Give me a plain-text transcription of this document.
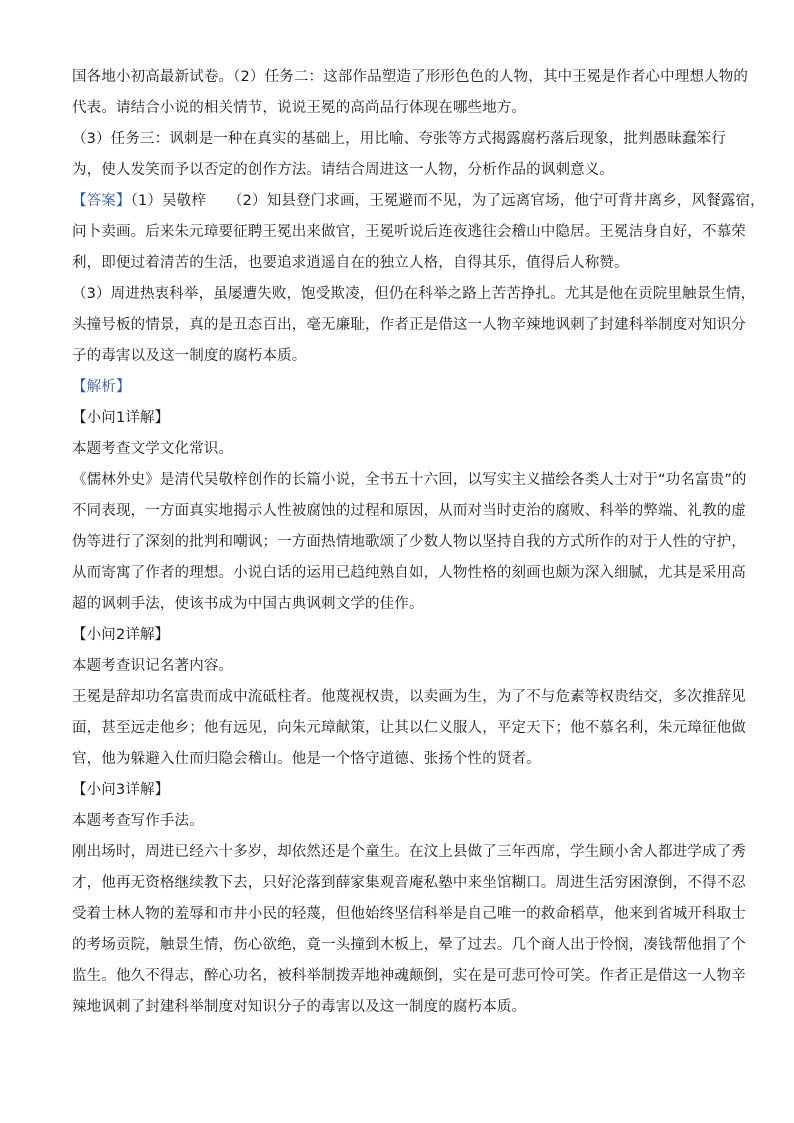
国各地小初高最新试卷。（2）任务二：这部作品塑造了形形色色的人物，其中王冕是作者心中理想人物的
代表。请结合小说的相关情节，说说王冕的高尚品行体现在哪些地方。
（3）任务三：讽刺是一种在真实的基础上，用比喻、夸张等方式揭露腐朽落后现象，批判愚昧蠢笨行
为，使人发笑而予以否定的创作方法。请结合周进这一人物，分析作品的讽刺意义。
【答案】（1）吴敬梓　　（2）知县登门求画，王冕避而不见，为了远离官场，他宁可背井离乡，风餐露宿，
问卜卖画。后来朱元璋要征聘王冕出来做官，王冕听说后连夜逃往会稽山中隐居。王冕洁身自好，不慕荣
利，即便过着清苦的生活，也要追求逍遥自在的独立人格，自得其乐，值得后人称赞。
（3）周进热衷科举，虽屡遭失败，饱受欺凌，但仍在科举之路上苦苦挣扎。尤其是他在贡院里触景生情，
头撞号板的情景，真的是丑态百出，毫无廉耻，作者正是借这一人物辛辣地讽刺了封建科举制度对知识分
子的毒害以及这一制度的腐朽本质。
【解析】
【小问1详解】
本题考查文学文化常识。
《儒林外史》是清代吴敬梓创作的长篇小说，全书五十六回，以写实主义描绘各类人士对于“功名富贵”的
不同表现，一方面真实地揭示人性被腐蚀的过程和原因，从而对当时吏治的腐败、科举的弊端、礼教的虚
伪等进行了深刻的批判和嘲讽；一方面热情地歌颂了少数人物以坚持自我的方式所作的对于人性的守护，
从而寄寓了作者的理想。小说白话的运用已趋纯熟自如，人物性格的刻画也颇为深入细腻，尤其是采用高
超的讽刺手法，使该书成为中国古典讽刺文学的佳作。
【小问2详解】
本题考查识记名著内容。
王冕是辞却功名富贵而成中流砥柱者。他蔑视权贵，以卖画为生，为了不与危素等权贵结交，多次推辞见
面，甚至远走他乡；他有远见，向朱元璋献策，让其以仁义服人，平定天下；他不慕名利，朱元璋征他做
官，他为躲避入仕而归隐会稽山。他是一个恪守道德、张扬个性的贤者。
【小问3详解】
本题考查写作手法。
刚出场时，周进已经六十多岁，却依然还是个童生。在汶上县做了三年西席，学生顾小舍人都进学成了秀
才，他再无资格继续教下去，只好沦落到薛家集观音庵私塾中来坐馆糊口。周进生活穷困潦倒，不得不忍
受着士林人物的羞辱和市井小民的轻蔑，但他始终坚信科举是自己唯一的救命稻草，他来到省城开科取士
的考场贡院，触景生情，伤心欲绝，竟一头撞到木板上，晕了过去。几个商人出于怜悯，凑钱帮他捐了个
监生。他久不得志，醉心功名，被科举制拨弄地神魂颠倒，实在是可悲可怜可笑。作者正是借这一人物辛
辣地讽刺了封建科举制度对知识分子的毒害以及这一制度的腐朽本质。
